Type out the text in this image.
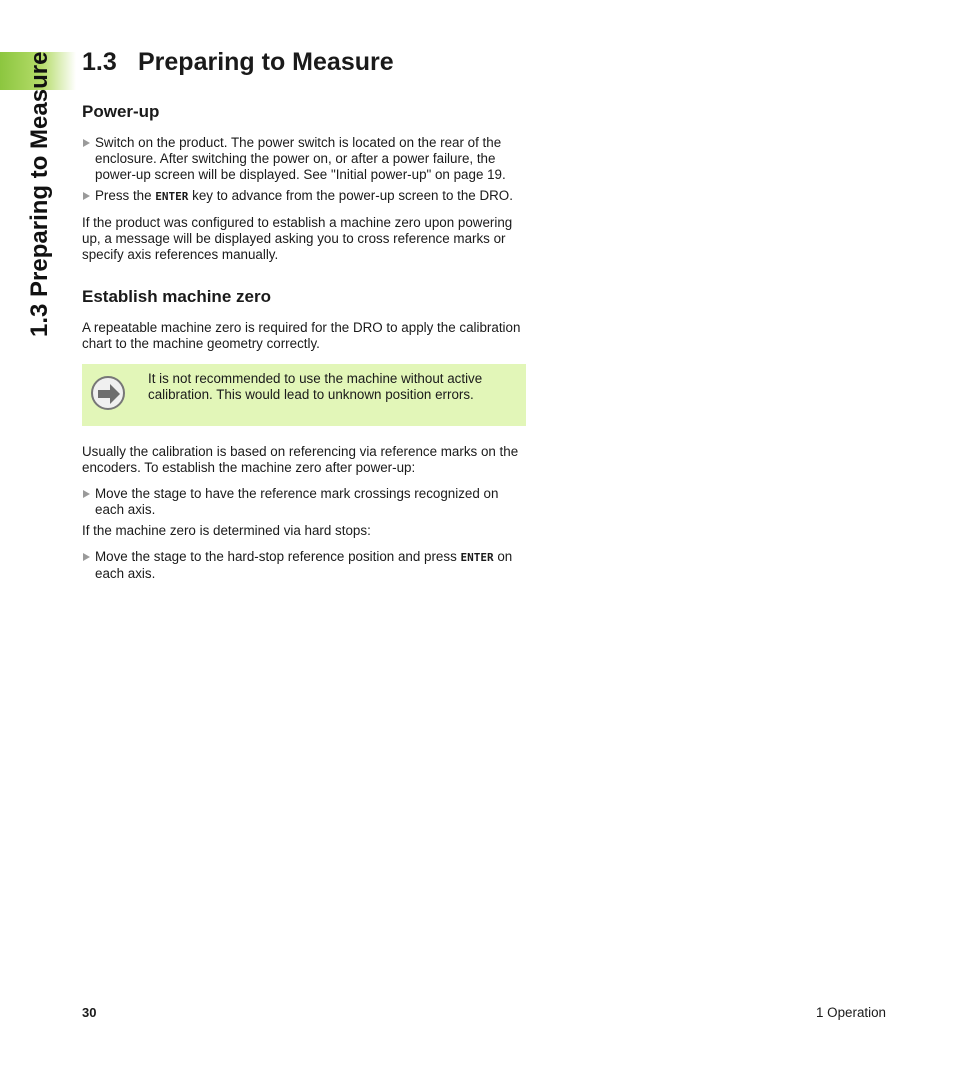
1.3 Preparing to Measure 1.3 Preparing to Measure
Power-up
Switch on the product. The power switch is located on the rear of the enclosure. After switching the power on, or after a power failure, the power-up screen will be displayed. See "Initial power-up" on page 19.
Press the ENTER key to advance from the power-up screen to the DRO.

If the product was configured to establish a machine zero upon powering up, a message will be displayed asking you to cross reference marks or specify axis references manually.

Establish machine zero

A repeatable machine zero is required for the DRO to apply the calibration chart to the machine geometry correctly.

It is not recommended to use the machine without active calibration. This would lead to unknown position errors.

Usually the calibration is based on referencing via reference marks on the encoders. To establish the machine zero after power-up:

Move the stage to have the reference mark crossings recognized on each axis.

If the machine zero is determined via hard stops:

Move the stage to the hard-stop reference position and press ENTER on each axis.
30	1 Operation
